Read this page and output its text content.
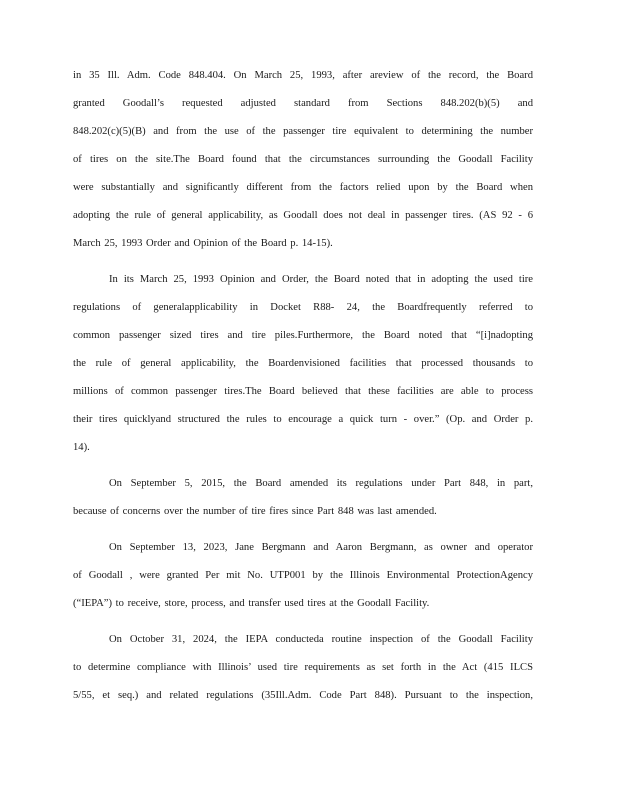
in 35 Ill. Adm. Code 848.404. On March 25, 1993, after areview of the record, the Board
granted Goodall’s requested adjusted standard from Sections 848.202(b)(5) and
848.202(c)(5)(B) and from the use of the passenger tire equivalent to determining the number
of tires on the site.The Board found that the circumstances surrounding the Goodall Facility
were substantially and significantly different from the factors relied upon by the Board when
adopting the rule of general applicability, as Goodall does not deal in passenger tires. (AS 92 - 6
March 25, 1993 Order and Opinion of the Board p. 14-15).
In its March 25, 1993 Opinion and Order, the Board noted that in adopting the used tire
regulations of generalapplicability in Docket R88- 24, the Boardfrequently referred to
common passenger sized tires and tire piles.Furthermore, the Board noted that “[i]nadopting
the rule of general applicability, the Boardenvisioned facilities that processed thousands to
millions of common passenger tires.The Board believed that these facilities are able to process
their tires quicklyand structured the rules to encourage a quick turn - over.” (Op. and Order p.
14).
On September 5, 2015, the Board amended its regulations under Part 848, in part,
because of concerns over the number of tire fires since Part 848 was last amended.
On September 13, 2023, Jane Bergmann and Aaron Bergmann, as owner and operator
of Goodall , were granted Per mit No. UTP001 by the Illinois Environmental ProtectionAgency
(“IEPA”) to receive, store, process, and transfer used tires at the Goodall Facility.
On October 31, 2024, the IEPA conducteda routine inspection of the Goodall Facility
to determine compliance with Illinois’ used tire requirements as set forth in the Act (415 ILCS
5/55, et seq.) and related regulations (35Ill.Adm. Code Part 848). Pursuant to the inspection,
